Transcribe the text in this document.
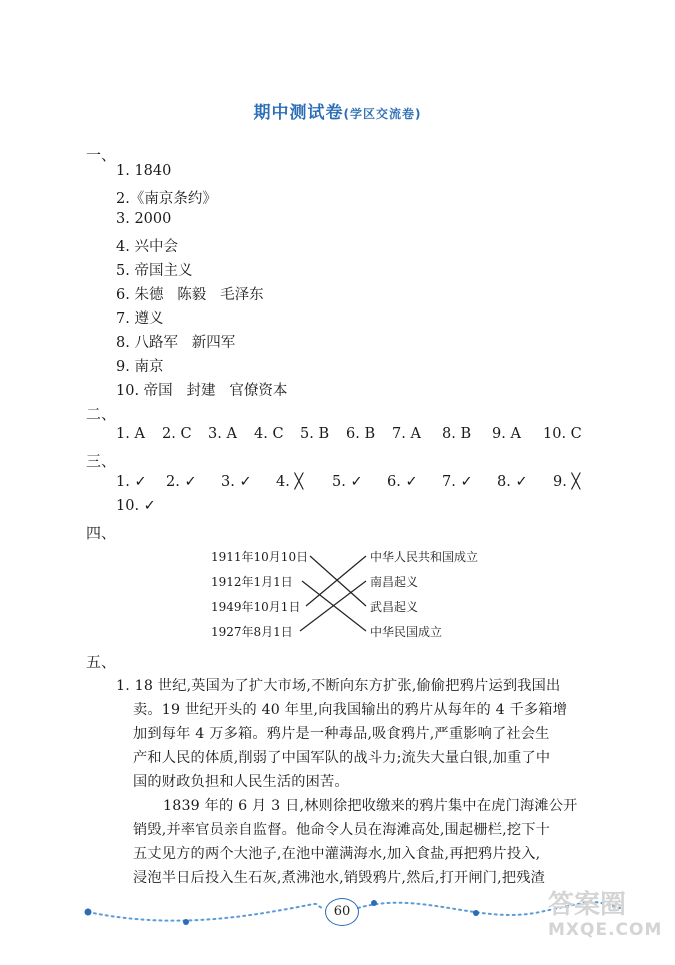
期中测试卷(学区交流卷)
一、
1. 1840
2.《南京条约》
3. 2000
4. 兴中会
5. 帝国主义
6. 朱德   陈毅   毛泽东
7. 遵义
8. 八路军   新四军
9. 南京
10. 帝国   封建   官僚资本
二、
1. A 2. C 3. A 4. C 5. B 6. B 7. A 8. B 9. A 10. C
三、
1. ✓ 2. ✓ 3. ✓ 4. ╳ 5. ✓ 6. ✓ 7. ✓ 8. ✓ 9. ╳
10. ✓
四、
1911年10月10日
1912年1月1日
1949年10月1日
1927年8月1日
中华人民共和国成立
南昌起义
武昌起义
中华民国成立
五、
1. 18 世纪,英国为了扩大市场,不断向东方扩张,偷偷把鸦片运到我国出
卖。19 世纪开头的 40 年里,向我国输出的鸦片从每年的 4 千多箱增
加到每年 4 万多箱。鸦片是一种毒品,吸食鸦片,严重影响了社会生
产和人民的体质,削弱了中国军队的战斗力;流失大量白银,加重了中
国的财政负担和人民生活的困苦。
1839 年的 6 月 3 日,林则徐把收缴来的鸦片集中在虎门海滩公开
销毁,并率官员亲自监督。他命令人员在海滩高处,围起栅栏,挖下十
五丈见方的两个大池子,在池中灌满海水,加入食盐,再把鸦片投入,
浸泡半日后投入生石灰,煮沸池水,销毁鸦片,然后,打开闸门,把残渣
60	答案圈
MXQE.COM
